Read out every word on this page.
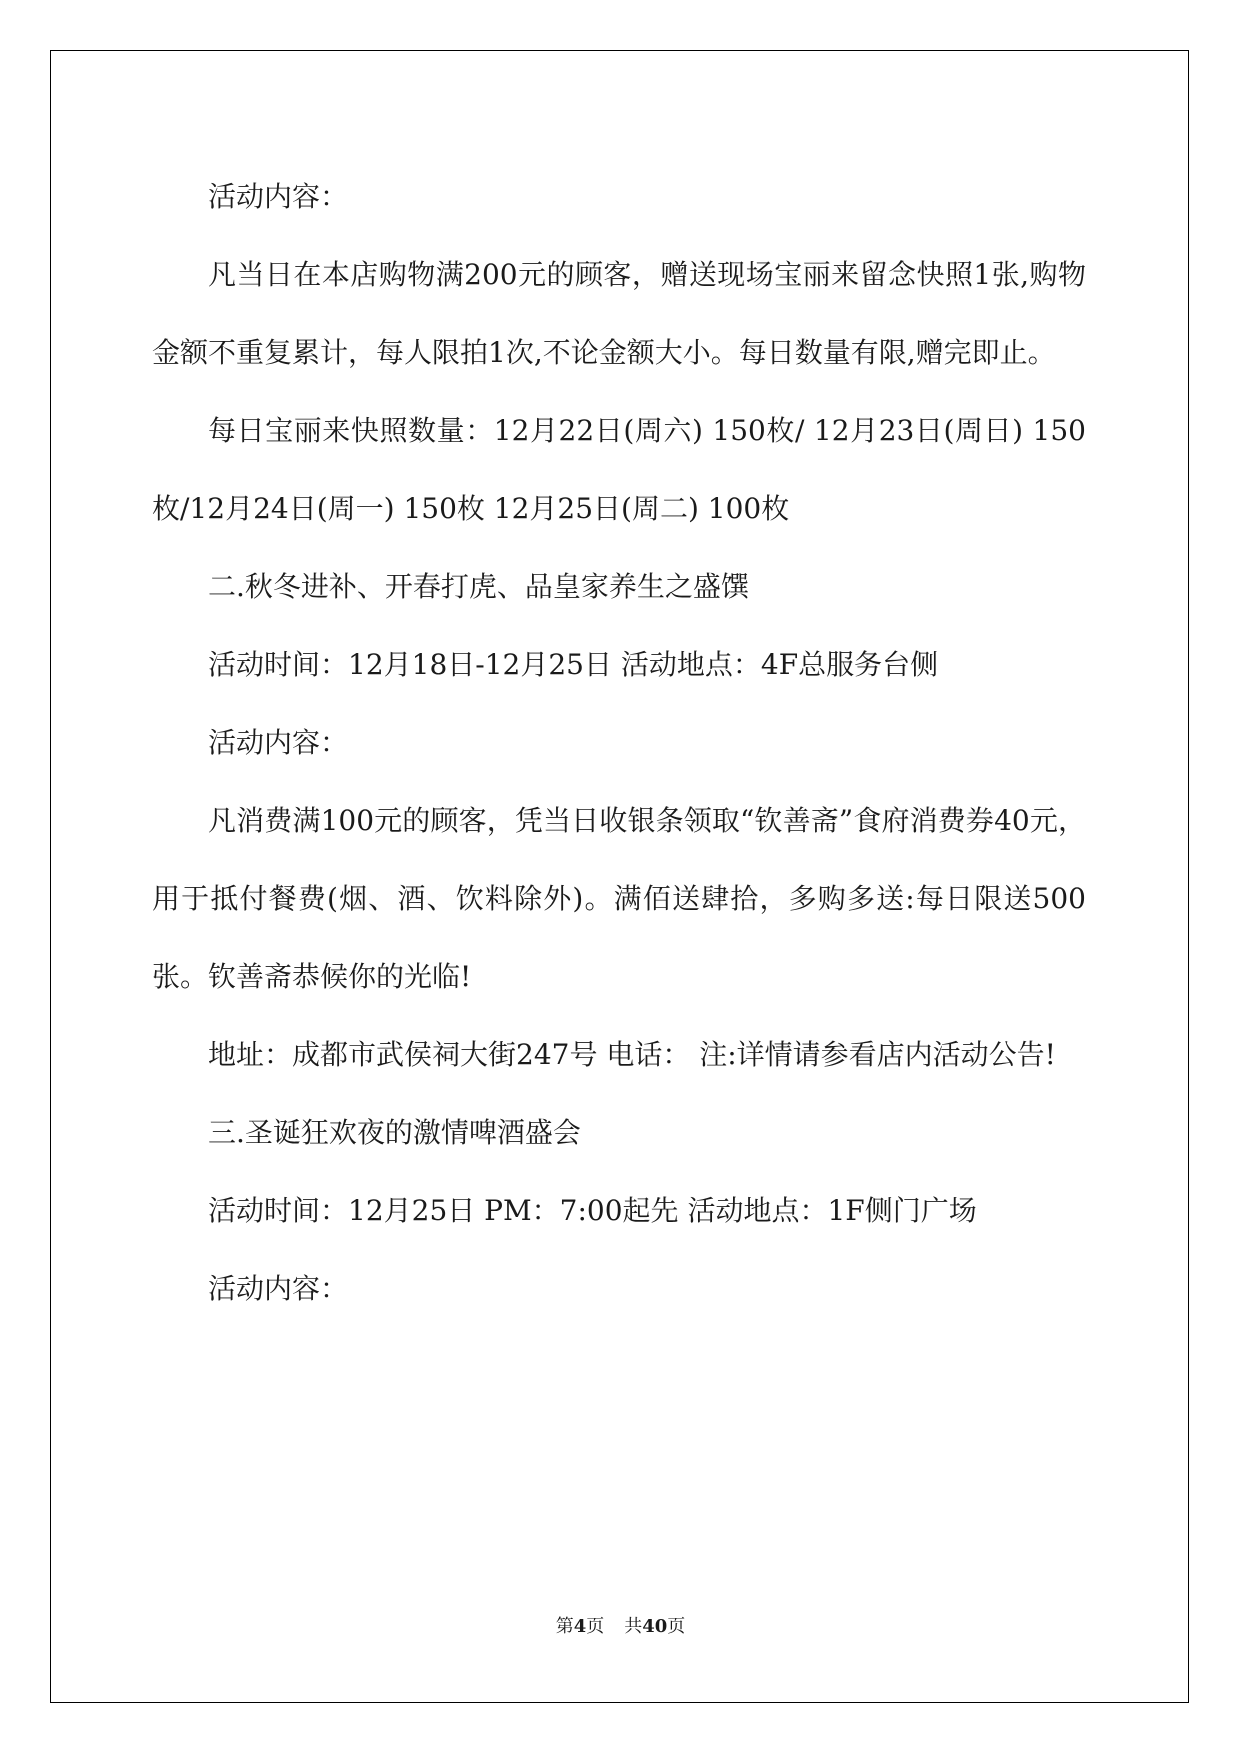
活动内容：

凡当日在本店购物满200元的顾客，赠送现场宝丽来留念快照1张,购物金额不重复累计，每人限拍1次,不论金额大小。每日数量有限,赠完即止。

每日宝丽来快照数量：12月22日(周六) 150枚/ 12月23日(周日) 150枚/12月24日(周一) 150枚 12月25日(周二) 100枚

二.秋冬进补、开春打虎、品皇家养生之盛馔

活动时间：12月18日-12月25日 活动地点：4F总服务台侧

活动内容：

凡消费满100元的顾客，凭当日收银条领取“钦善斋”食府消费券40元，用于抵付餐费(烟、酒、饮料除外)。满佰送肆拾，多购多送:每日限送500张。钦善斋恭候你的光临!

地址：成都市武侯祠大街247号 电话： 注:详情请参看店内活动公告!

三.圣诞狂欢夜的激情啤酒盛会

活动时间：12月25日 PM：7:00起先 活动地点：1F侧门广场

活动内容：

第4页 共40页
